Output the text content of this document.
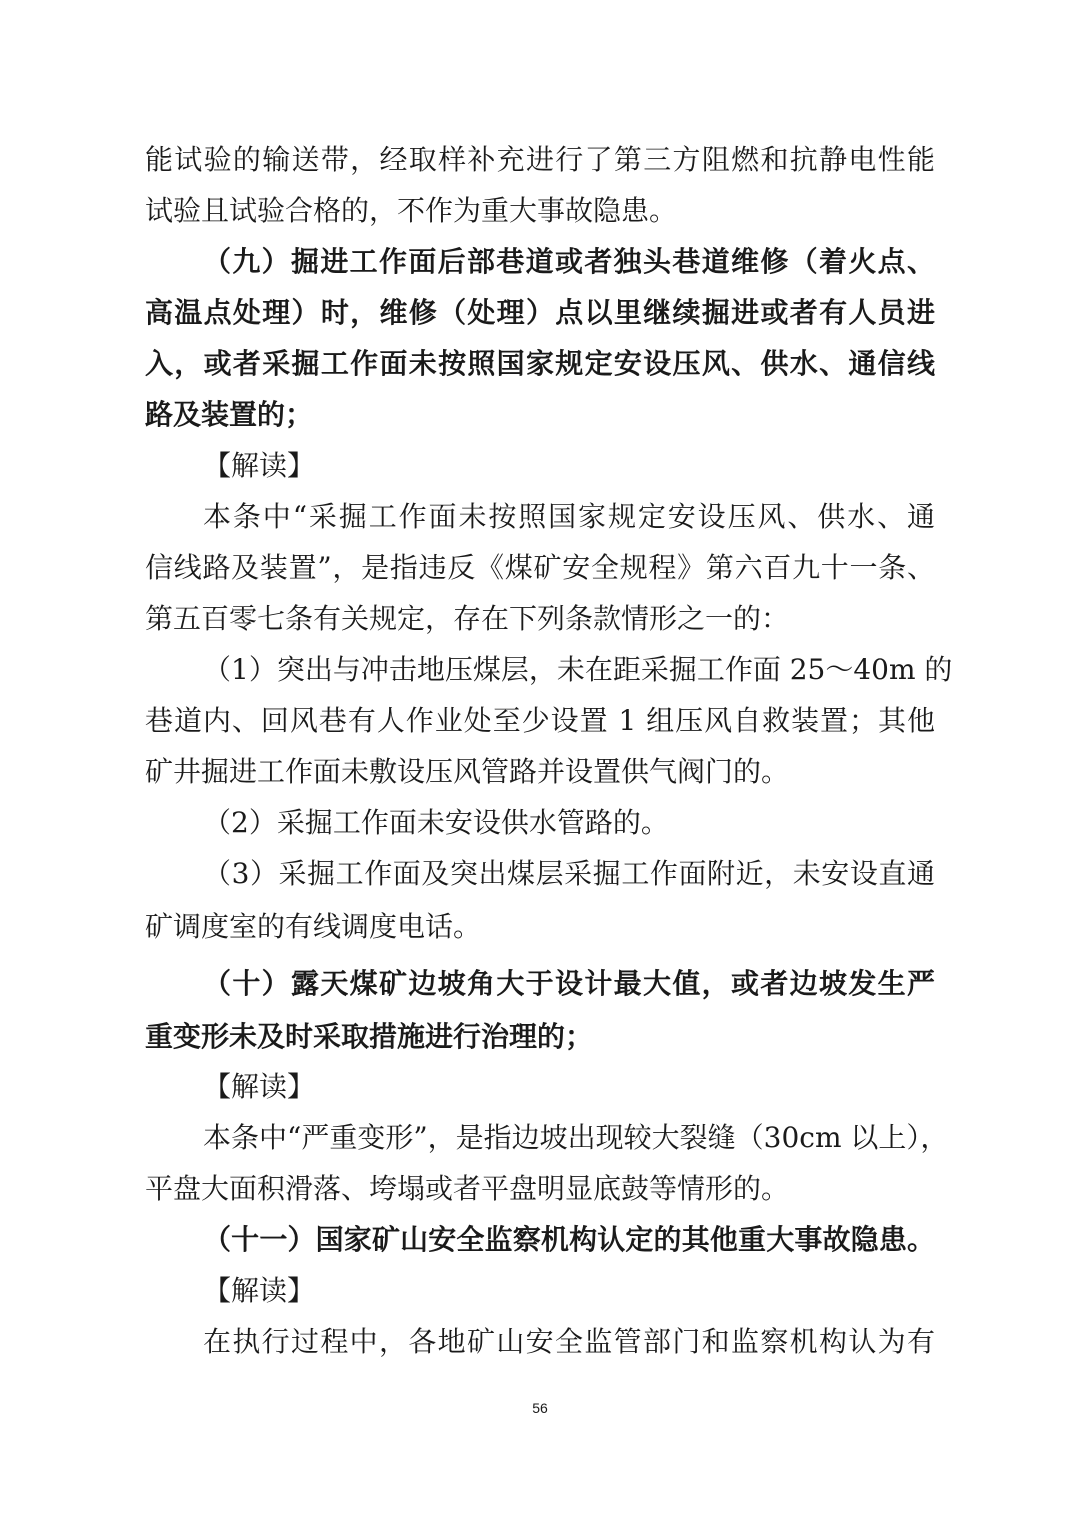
能试验的输送带，经取样补充进行了第三方阻燃和抗静电性能
试验且试验合格的，不作为重大事故隐患。
（九）掘进工作面后部巷道或者独头巷道维修（着火点、
高温点处理）时，维修（处理）点以里继续掘进或者有人员进
入，或者采掘工作面未按照国家规定安设压风、供水、通信线
路及装置的；
【解读】
本条中“采掘工作面未按照国家规定安设压风、供水、通
信线路及装置”，是指违反《煤矿安全规程》第六百九十一条、
第五百零七条有关规定，存在下列条款情形之一的：
（1）突出与冲击地压煤层，未在距采掘工作面 25～40m 的
巷道内、回风巷有人作业处至少设置 1 组压风自救装置；其他
矿井掘进工作面未敷设压风管路并设置供气阀门的。
（2）采掘工作面未安设供水管路的。
（3）采掘工作面及突出煤层采掘工作面附近，未安设直通
矿调度室的有线调度电话。
（十）露天煤矿边坡角大于设计最大值，或者边坡发生严
重变形未及时采取措施进行治理的；
【解读】
本条中“严重变形”，是指边坡出现较大裂缝（30cm 以上），
平盘大面积滑落、垮塌或者平盘明显底鼓等情形的。
（十一）国家矿山安全监察机构认定的其他重大事故隐患。
【解读】
在执行过程中，各地矿山安全监管部门和监察机构认为有
56
